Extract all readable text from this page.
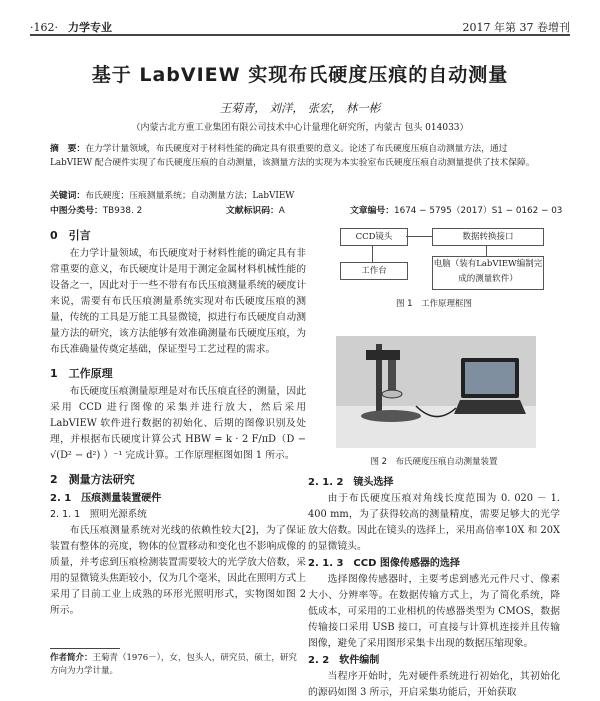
·162· 力学专业	2017 年第 37 卷增刊
基于 LabVIEW 实现布氏硬度压痕的自动测量
王菊青， 刘洋， 张宏， 林一彬
（内蒙古北方重工业集团有限公司技术中心计量理化研究所，内蒙古 包头 014033）
摘　要：在力学计量领域，布氏硬度对于材料性能的确定具有很重要的意义。论述了布氏硬度压痕自动测量方法，通过 LabVIEW 配合硬件实现了布氏硬度压痕的自动测量，该测量方法的实现为本实验室布氏硬度压痕自动测量提供了技术保障。
关键词：布氏硬度；压痕测量系统；自动测量方法；LabVIEW
中图分类号：TB938. 2	文献标识码：A	文章编号：1674 − 5795（2017）S1 − 0162 − 03
0　引言

在力学计量领域，布氏硬度对于材料性能的确定具有非常重要的意义，布氏硬度计是用于测定金属材料机械性能的设备之一，因此对于一些不带有布氏压痕测量系统的硬度计来说，需要有布氏压痕测量系统实现对布氏硬度压痕的测量，传统的工具是万能工具显微镜，拟进行布氏硬度自动测量方法的研究，该方法能够有效准确测量布氏硬度压痕，为布氏准确量传奠定基础，保证型号工艺过程的需求。

1　工作原理

布氏硬度压痕测量原理是对布氏压痕直径的测量，因此采用 CCD 进行图像的采集并进行放大，然后采用 LabVIEW 软件进行数据的初始化、后期的图像识别及处理，并根据布氏硬度计算公式 HBW = k · 2 F/πD（D − √(D² − d²) ）⁻¹ 完成计算。工作原理框图如图 1 所示。

2　测量方法研究
2. 1　压痕测量装置硬件
2. 1. 1　照明光源系统

布氏压痕测量系统对光线的依赖性较大[2]，为了保证装置有整体的亮度，物体的位置移动和变化也不影响成像的质量，并考虑到压痕检测装置需要较大的光学放大倍数，采用的显微镜头焦距较小，仅为几个毫米，因此在照明方式上采用了目前工业上成熟的环形光照明形式，实物图如图 2 所示。

CCD镜头
工作台
数据转换接口
电脑（装有LabVIEW编制完成的测量软件）
图 1　工作原理框图
图 2　布氏硬度压痕自动测量装置
2. 1. 2　镜头选择

由于布氏硬度压痕对角线长度范围为 0. 020 － 1. 400 mm，为了获得较高的测量精度，需要足够大的光学放大倍数。因此在镜头的选择上，采用高倍率10X 和 20X 的显微镜头。

2. 1. 3　CCD 图像传感器的选择

选择图像传感器时，主要考虑到感光元件尺寸、像素大小、分辨率等。在数据传输方式上，为了简化系统，降低成本，可采用的工业相机的传感器类型为 CMOS，数据传输接口采用 USB 接口，可直接与计算机连接并且传输图像，避免了采用图形采集卡出现的数据压缩现象。

2. 2　软件编制

当程序开始时，先对硬件系统进行初始化，其初始化的源码如图 3 所示，开启采集功能后，开始获取

作者简介：王菊青（1976－），女，包头人，研究员，硕士，研究方向为力学计量。
